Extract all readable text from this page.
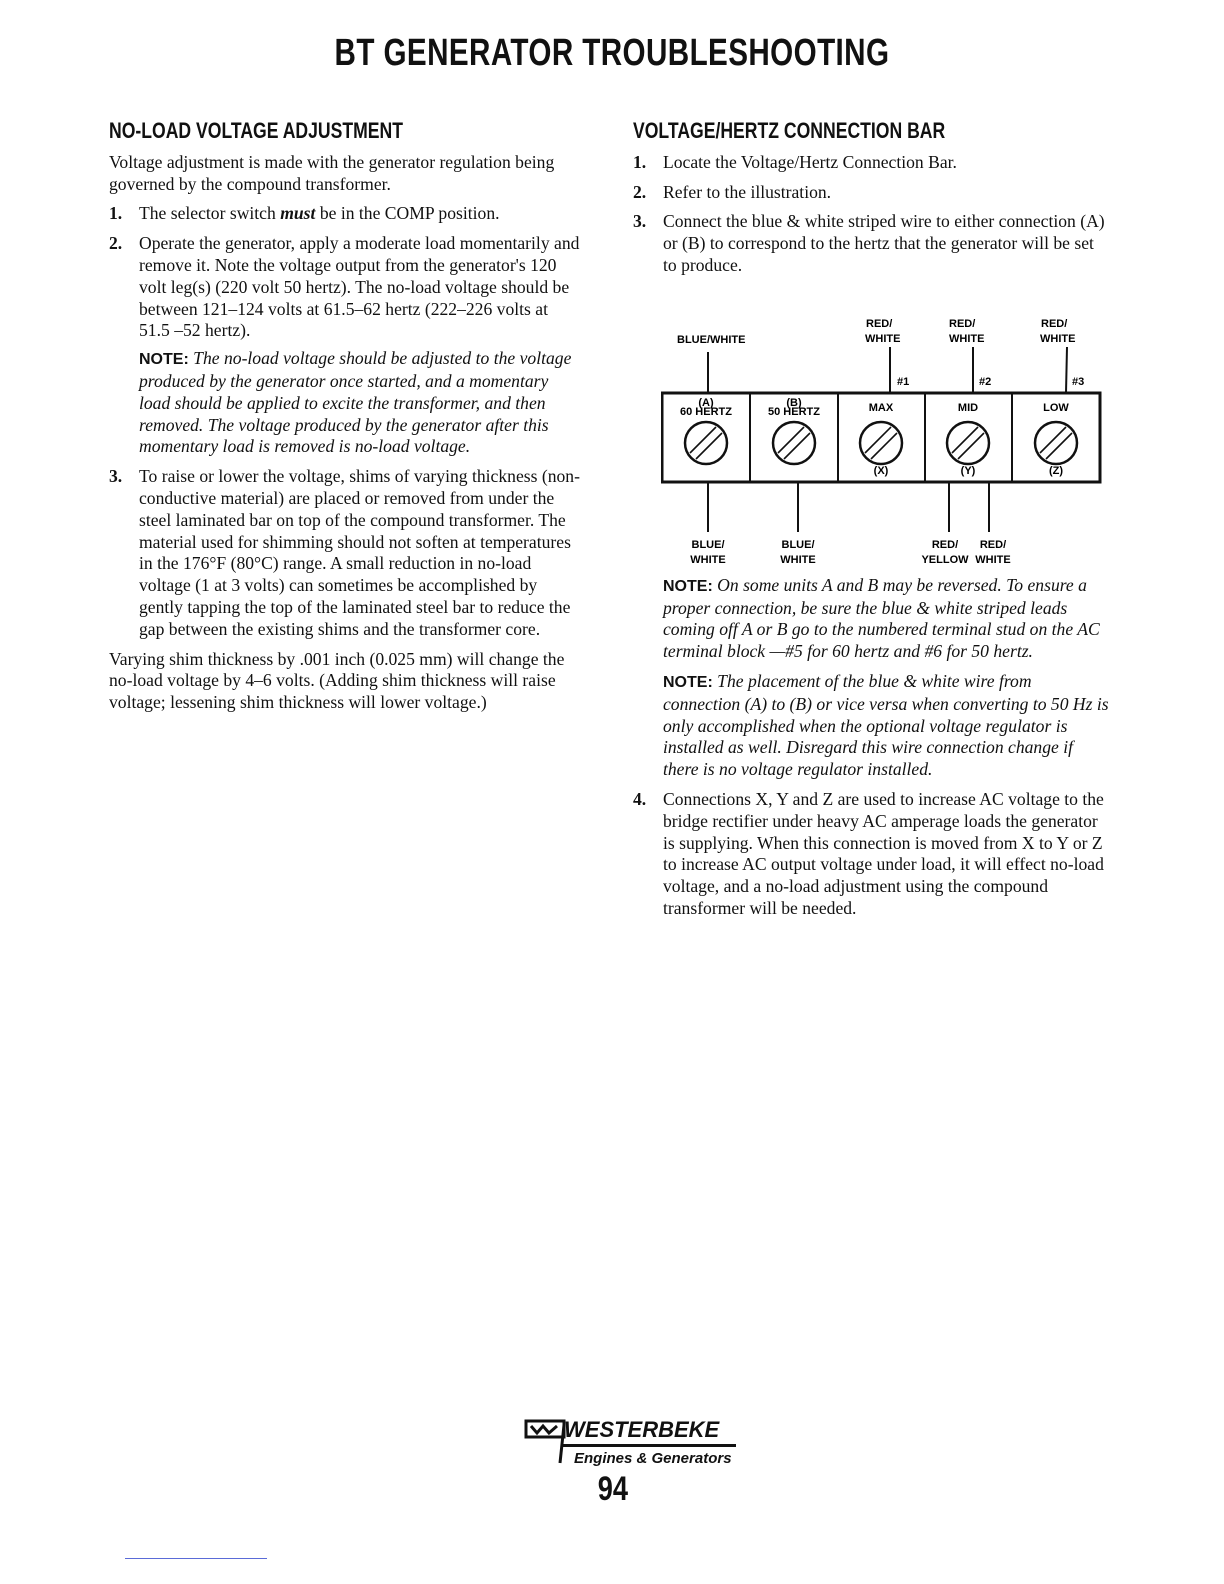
BT GENERATOR TROUBLESHOOTING
NO-LOAD VOLTAGE ADJUSTMENT

Voltage adjustment is made with the generator regulation being governed by the compound transformer.

1. The selector switch must be in the COMP position.
2. Operate the generator, apply a moderate load momentarily and remove it. Note the voltage output from the generator's 120 volt leg(s) (220 volt 50 hertz). The no-load voltage should be between 121–124 volts at 61.5–62 hertz (222–226 volts at 51.5 –52 hertz).
NOTE: The no-load voltage should be adjusted to the voltage produced by the generator once started, and a momentary load should be applied to excite the transformer, and then removed. The voltage produced by the generator after this momentary load is removed is no-load voltage.
3. To raise or lower the voltage, shims of varying thickness (non-conductive material) are placed or removed from under the steel laminated bar on top of the compound transformer. The material used for shimming should not soften at temperatures in the 176°F (80°C) range. A small reduction in no-load voltage (1 at 3 volts) can sometimes be accomplished by gently tapping the top of the laminated steel bar to reduce the gap between the existing shims and the transformer core.

Varying shim thickness by .001 inch (0.025 mm) will change the no-load voltage by 4–6 volts. (Adding shim thickness will raise voltage; lessening shim thickness will lower voltage.)

VOLTAGE/HERTZ CONNECTION BAR
1. Locate the Voltage/Hertz Connection Bar.
2. Refer to the illustration.
3. Connect the blue & white striped wire to either connection (A) or (B) to correspond to the hertz that the generator will be set to produce.
NOTE: On some units A and B may be reversed. To ensure a proper connection, be sure the blue & white striped leads coming off A or B go to the numbered terminal stud on the AC terminal block —#5 for 60 hertz and #6 for 50 hertz.
NOTE: The placement of the blue & white wire from connection (A) to (B) or vice versa when converting to 50 Hz is only accomplished when the optional voltage regulator is installed as well. Disregard this wire connection change if there is no voltage regulator installed.
4. Connections X, Y and Z are used to increase AC voltage to the bridge rectifier under heavy AC amperage loads the generator is supplying. When this connection is moved from X to Y or Z to increase AC output voltage under load, it will effect no-load voltage, and a no-load adjustment using the compound transformer will be needed.
BLUE/WHITE
RED/
WHITE
RED/
WHITE
RED/
WHITE
#1	#2	#3
(A)
60 HERTZ
(B)
50 HERTZ	MAX	MID	LOW
(X)	(Y)	(Z)
BLUE/
WHITE
BLUE/
WHITE
RED/
YELLOW
RED/
WHITE
WESTERBEKE
Engines & Generators
94
